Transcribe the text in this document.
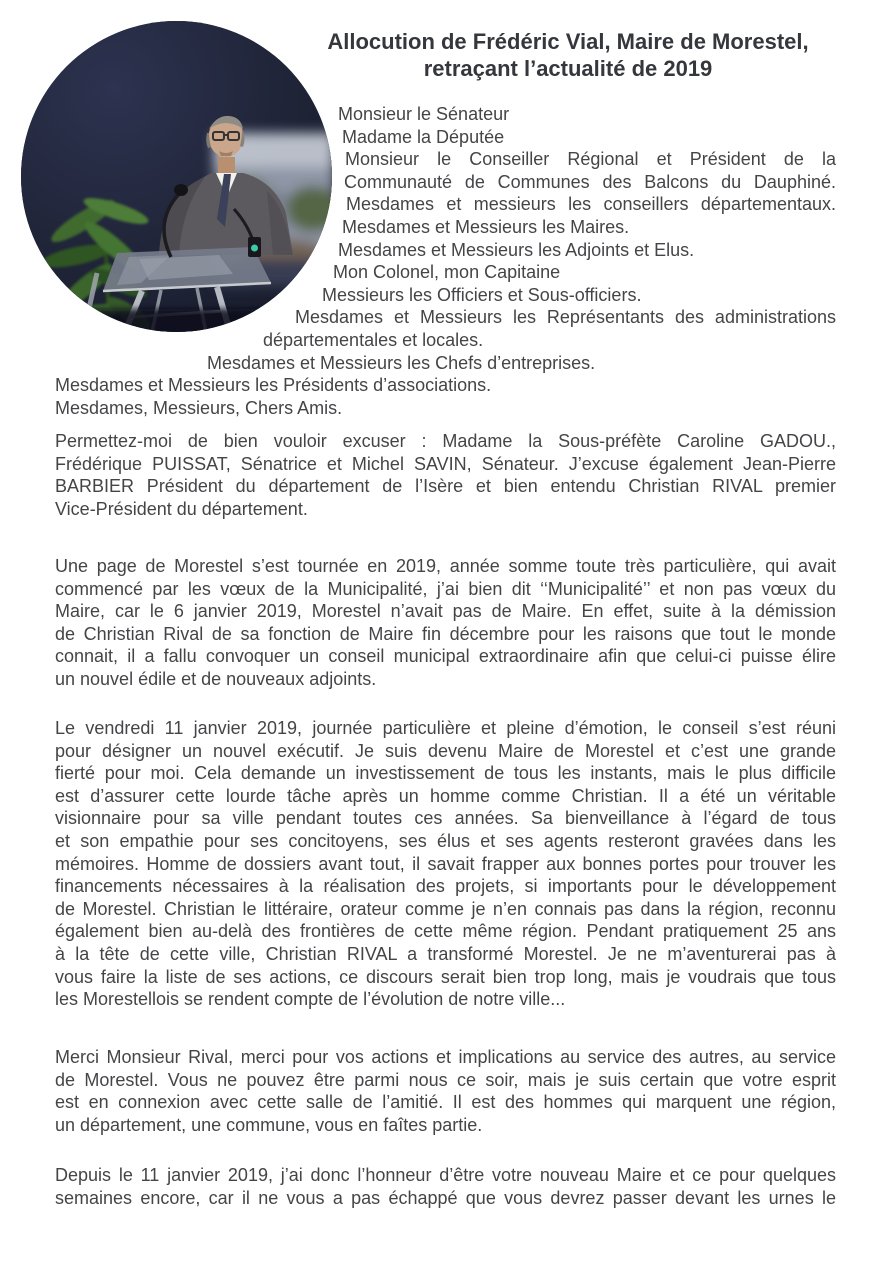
Allocution de Frédéric Vial, Maire de Morestel,
retraçant l’actualité de 2019
Monsieur le Sénateur
Madame la Députée
Monsieur le Conseiller Régional et Président de la
Communauté de Communes des Balcons du Dauphiné.
Mesdames et messieurs les conseillers départementaux.
Mesdames et Messieurs les Maires.
Mesdames et Messieurs les Adjoints et Elus.
Mon Colonel, mon Capitaine
Messieurs les Officiers et Sous-officiers.
Mesdames et Messieurs les Représentants des administrations
départementales et locales.
Mesdames et Messieurs les Chefs d’entreprises.
Mesdames et Messieurs les Présidents d’associations.
Mesdames, Messieurs, Chers Amis.
Permettez-moi de bien vouloir excuser : Madame la Sous-préfète Caroline GADOU.,
Frédérique PUISSAT, Sénatrice et Michel SAVIN, Sénateur. J’excuse également Jean-Pierre
BARBIER Président du département de l’Isère et bien entendu Christian RIVAL premier
Vice-Président du département.
Une page de Morestel s’est tournée en 2019, année somme toute très particulière, qui avait
commencé par les vœux de la Municipalité, j’ai bien dit ‘‘Municipalité’’ et non pas vœux du
Maire, car le 6 janvier 2019, Morestel n’avait pas de Maire. En effet, suite à la démission
de Christian Rival de sa fonction de Maire fin décembre pour les raisons que tout le monde
connait, il a fallu convoquer un conseil municipal extraordinaire afin que celui-ci puisse élire
un nouvel édile et de nouveaux adjoints.
Le vendredi 11 janvier 2019, journée particulière et pleine d’émotion, le conseil s’est réuni
pour désigner un nouvel exécutif. Je suis devenu Maire de Morestel et c’est une grande
fierté pour moi. Cela demande un investissement de tous les instants, mais le plus difficile
est d’assurer cette lourde tâche après un homme comme Christian. Il a été un véritable
visionnaire pour sa ville pendant toutes ces années. Sa bienveillance à l’égard de tous
et son empathie pour ses concitoyens, ses élus et ses agents resteront gravées dans les
mémoires. Homme de dossiers avant tout, il savait frapper aux bonnes portes pour trouver les
financements nécessaires à la réalisation des projets, si importants pour le développement
de Morestel. Christian le littéraire, orateur comme je n’en connais pas dans la région, reconnu
également bien au-delà des frontières de cette même région. Pendant pratiquement 25 ans
à la tête de cette ville, Christian RIVAL a transformé Morestel. Je ne m’aventurerai pas à
vous faire la liste de ses actions, ce discours serait bien trop long, mais je voudrais que tous
les Morestellois se rendent compte de l’évolution de notre ville...
Merci Monsieur Rival, merci pour vos actions et implications au service des autres, au service
de Morestel. Vous ne pouvez être parmi nous ce soir, mais je suis certain que votre esprit
est en connexion avec cette salle de l’amitié. Il est des hommes qui marquent une région,
un département, une commune, vous en faîtes partie.
Depuis le 11 janvier 2019, j’ai donc l’honneur d’être votre nouveau Maire et ce pour quelques
semaines encore, car il ne vous a pas échappé que vous devrez passer devant les urnes le
